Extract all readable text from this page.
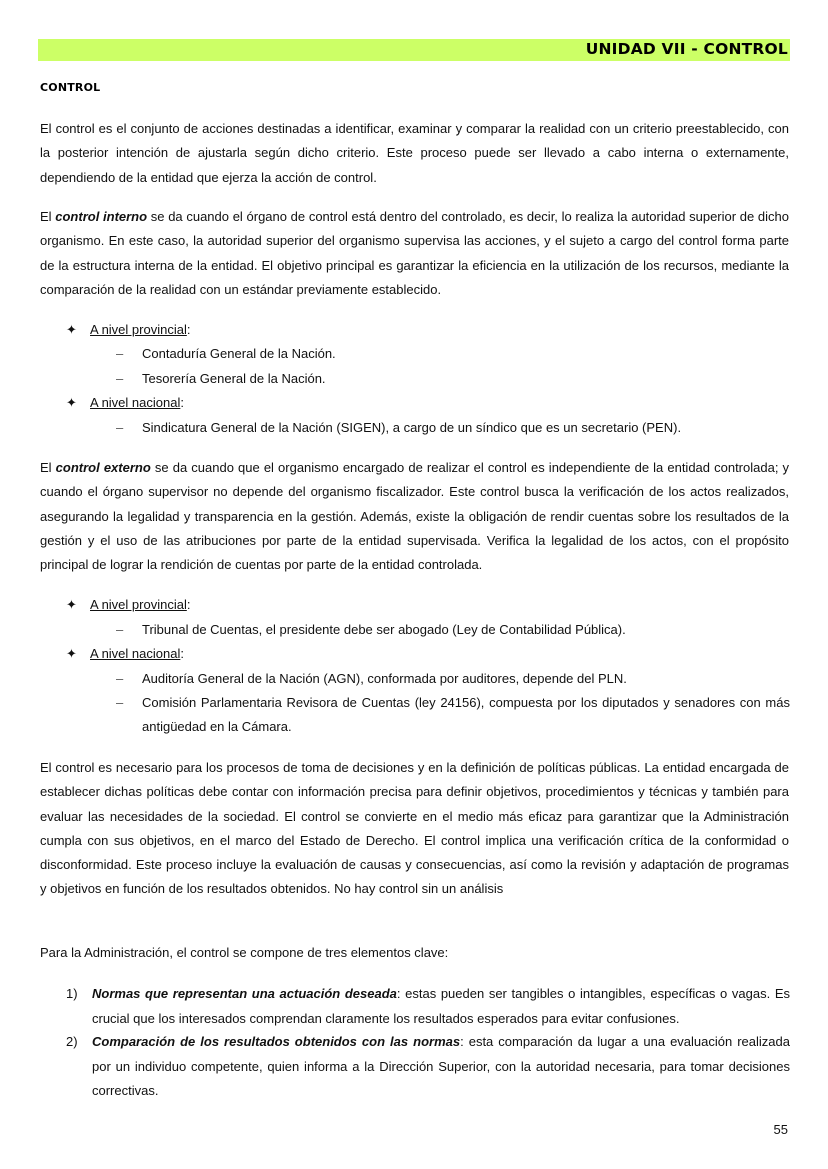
UNIDAD VII - CONTROL
CONTROL

El control es el conjunto de acciones destinadas a identificar, examinar y comparar la realidad con un criterio preestablecido, con la posterior intención de ajustarla según dicho criterio. Este proceso puede ser llevado a cabo interna o externamente, dependiendo de la entidad que ejerza la acción de control.

El control interno se da cuando el órgano de control está dentro del controlado, es decir, lo realiza la autoridad superior de dicho organismo. En este caso, la autoridad superior del organismo supervisa las acciones, y el sujeto a cargo del control forma parte de la estructura interna de la entidad. El objetivo principal es garantizar la eficiencia en la utilización de los recursos, mediante la comparación de la realidad con un estándar previamente establecido.

✦ A nivel provincial:
– Contaduría General de la Nación.
– Tesorería General de la Nación.
✦ A nivel nacional:
– Sindicatura General de la Nación (SIGEN), a cargo de un síndico que es un secretario (PEN).

El control externo se da cuando que el organismo encargado de realizar el control es independiente de la entidad controlada; y cuando el órgano supervisor no depende del organismo fiscalizador. Este control busca la verificación de los actos realizados, asegurando la legalidad y transparencia en la gestión. Además, existe la obligación de rendir cuentas sobre los resultados de la gestión y el uso de las atribuciones por parte de la entidad supervisada. Verifica la legalidad de los actos, con el propósito principal de lograr la rendición de cuentas por parte de la entidad controlada.

✦ A nivel provincial:
– Tribunal de Cuentas, el presidente debe ser abogado (Ley de Contabilidad Pública).
✦ A nivel nacional:
– Auditoría General de la Nación (AGN), conformada por auditores, depende del PLN.
–	Comisión Parlamentaria Revisora de Cuentas (ley 24156), compuesta por los diputados y senadores con más antigüedad en la Cámara.

El control es necesario para los procesos de toma de decisiones y en la definición de políticas públicas. La entidad encargada de establecer dichas políticas debe contar con información precisa para definir objetivos, procedimientos y técnicas y también para evaluar las necesidades de la sociedad. El control se convierte en el medio más eficaz para garantizar que la Administración cumpla con sus objetivos, en el marco del Estado de Derecho. El control implica una verificación crítica de la conformidad o disconformidad. Este proceso incluye la evaluación de causas y consecuencias, así como la revisión y adaptación de programas y objetivos en función de los resultados obtenidos. No hay control sin un análisis

Para la Administración, el control se compone de tres elementos clave:

1) Normas que representan una actuación deseada: estas pueden ser tangibles o intangibles, específicas o vagas. Es crucial que los interesados comprendan claramente los resultados esperados para evitar confusiones.
2) Comparación de los resultados obtenidos con las normas: esta comparación da lugar a una evaluación realizada por un individuo competente, quien informa a la Dirección Superior, con la autoridad necesaria, para tomar decisiones correctivas.
55
